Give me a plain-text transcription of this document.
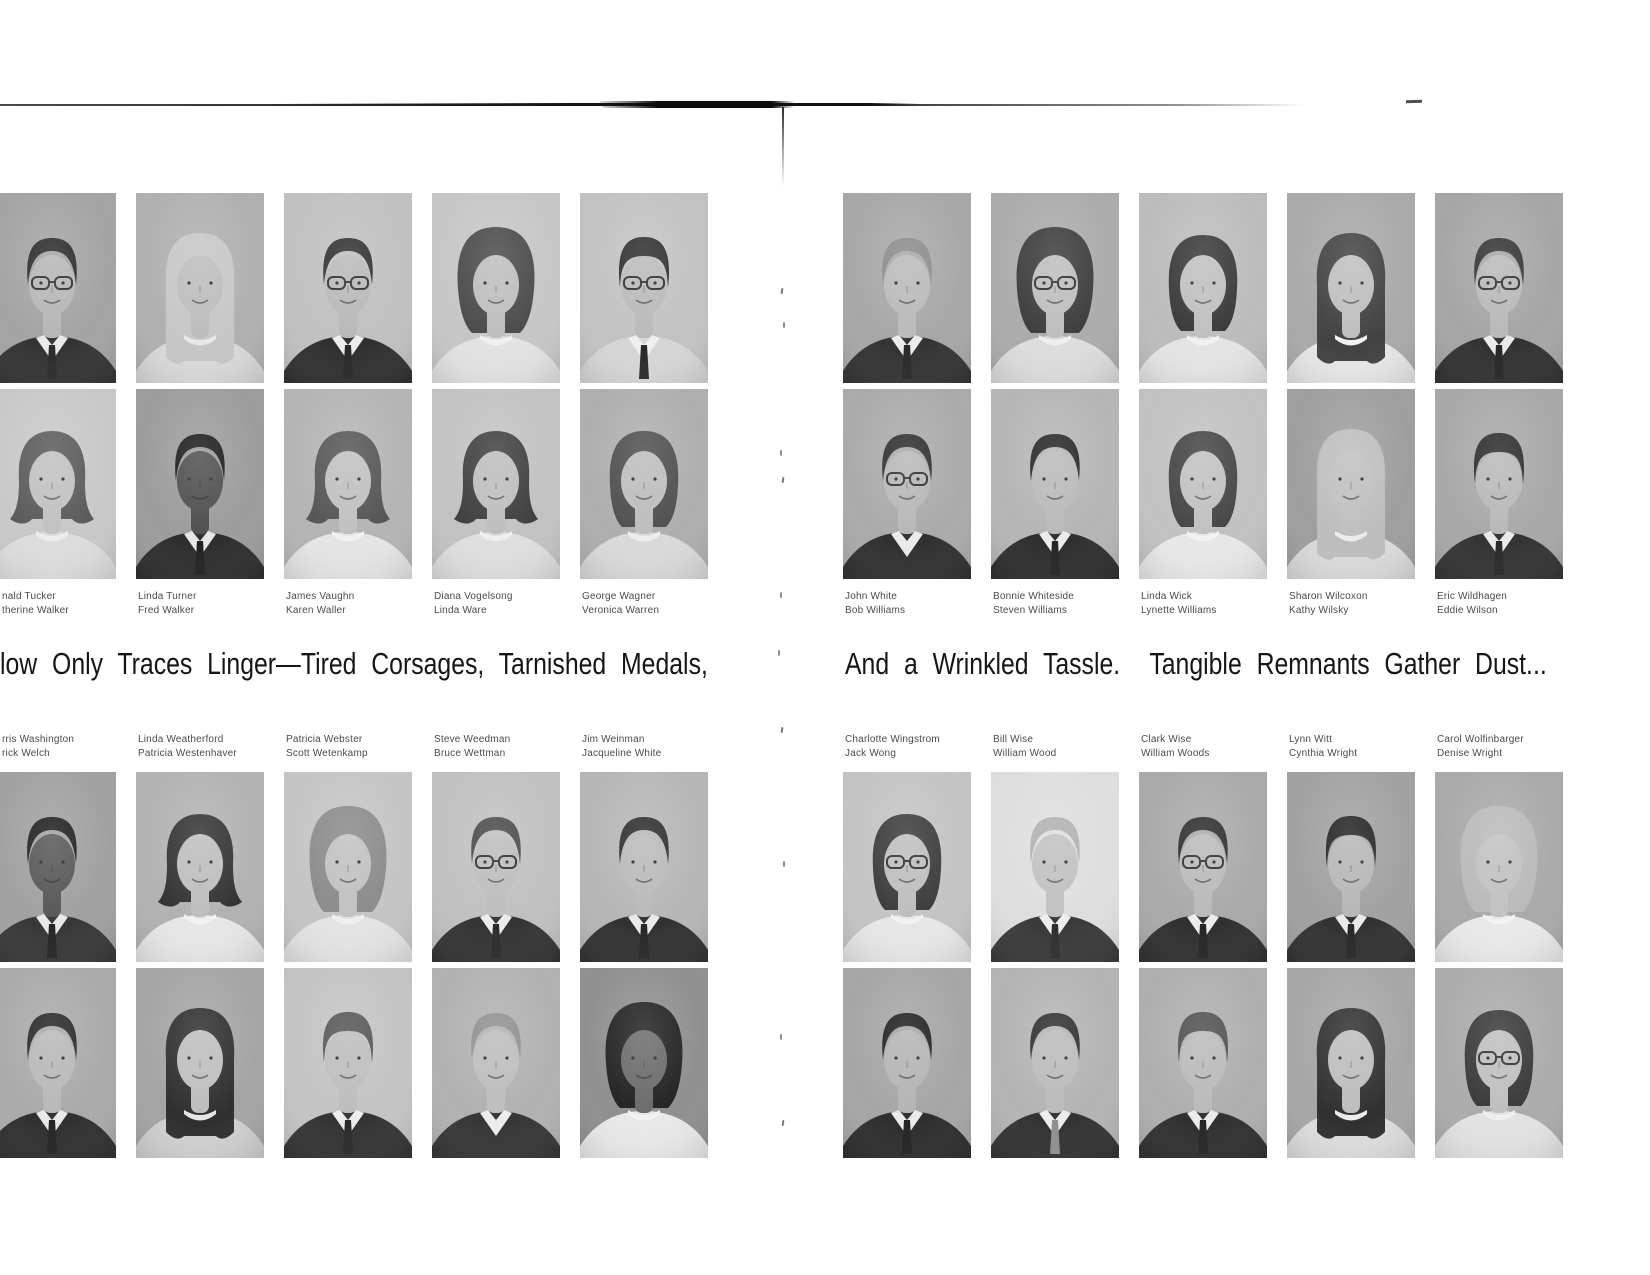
low Only Traces Linger—Tired Corsages, Tarnished Medals,	And a Wrinkled Tassle.  Tangible Remnants Gather Dust...
nald Tucker
therine Walker
Linda Turner
Fred Walker
James Vaughn
Karen Waller
Diana Vogelsong
Linda Ware
George Wagner
Veronica Warren
rris Washington
rick Welch
Linda Weatherford
Patricia Westenhaver
Patricia Webster
Scott Wetenkamp
Steve Weedman
Bruce Wettman
Jim Weinman
Jacqueline White
John White
Bob Williams
Bonnie Whiteside
Steven Williams
Linda Wick
Lynette Williams
Sharon Wilcoxon
Kathy Wilsky
Eric Wildhagen
Eddie Wilson
Charlotte Wingstrom
Jack Wong
Bill Wise
William Wood
Clark Wise
William Woods
Lynn Witt
Cynthia Wright
Carol Wolfinbarger
Denise Wright
